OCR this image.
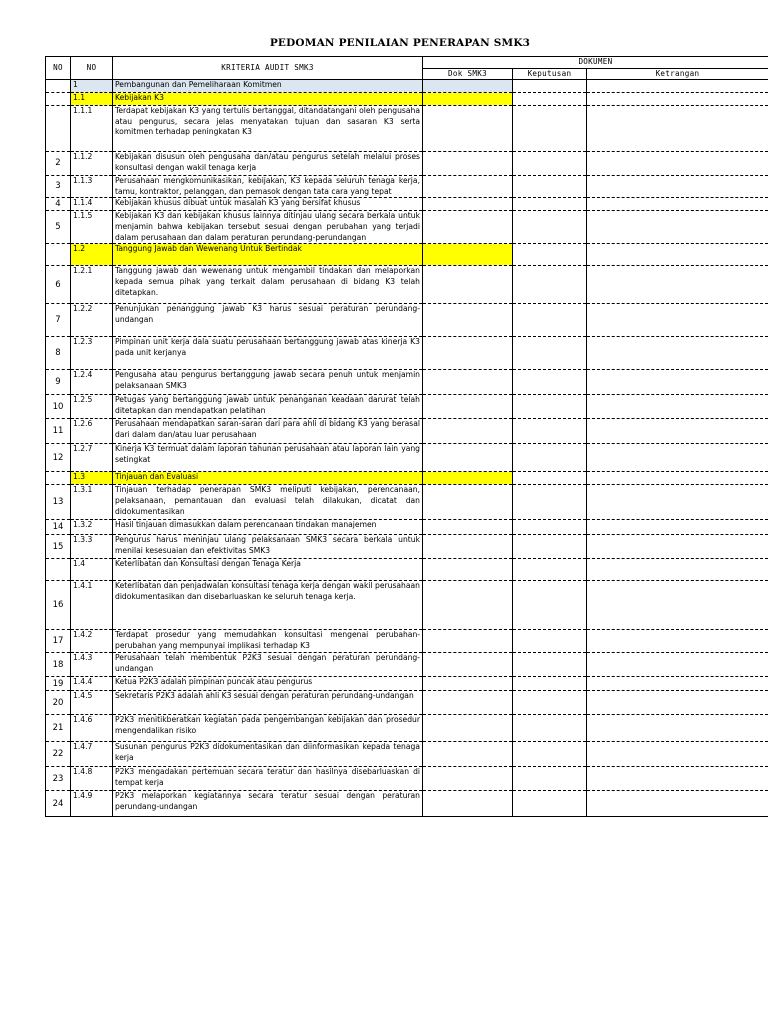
PEDOMAN PENILAIAN PENERAPAN SMK3
NO	NO	KRITERIA AUDIT SMK3	DOKUMEN		
			Dok SMK3	Keputusan	Ketrangan
	1	Pembangunan dan Pemeliharaan Komitmen			
	1.1	Kebijakan K3			
	1.1.1	Terdapat kebijakan K3 yang tertulis bertanggal, ditandatangani oleh pengusaha atau pengurus, secara jelas menyatakan tujuan dan sasaran K3 serta komitmen terhadap peningkatan K3			
2	1.1.2	Kebijakan disusun oleh pengusaha dan/atau pengurus setelah melalui proses konsultasi dengan wakil tenaga kerja			
3	1.1.3	Perusahaan mengkomunikasikan, kebijakan, K3 kepada seluruh tenaga kerja, tamu, kontraktor, pelanggan, dan pemasok dengan tata cara yang tepat			
4	1.1.4	Kebijakan khusus dibuat untuk masalah K3 yang bersifat khusus			
5	1.1.5	Kebijakan K3 dan kebijakan khusus lainnya ditinjau ulang secara berkala untuk menjamin bahwa kebijakan tersebut sesuai dengan perubahan yang terjadi dalam perusahaan dan dalam peraturan perundang-perundangan			
	1.2	Tanggung Jawab dan Wewenang Untuk Bertindak			
6	1.2.1	Tanggung jawab dan wewenang untuk mengambil tindakan dan melaporkan kepada semua pihak yang terkait dalam perusahaan di bidang K3 telah ditetapkan.			
7	1.2.2	Penunjukan penanggung jawab K3 harus sesuai peraturan perundang-undangan			
8	1.2.3	Pimpinan unit kerja dala suatu perusahaan bertanggung jawab atas kinerja K3 pada unit kerjanya			
9	1.2.4	Pengusaha atau pengurus bertanggung jawab secara penuh untuk menjamin pelaksanaan SMK3			
10	1.2.5	Petugas yang bertanggung jawab untuk penanganan keadaan darurat telah ditetapkan dan mendapatkan pelatihan			
11	1.2.6	Perusahaan mendapatkan saran-saran dari para ahli di bidang K3 yang berasal dari dalam dan/atau luar perusahaan			
12	1.2.7	Kinerja K3 termuat dalam laporan tahunan perusahaan atau laporan lain yang setingkat			
	1.3	Tinjauan dan Evaluasi			
13	1.3.1	Tinjauan terhadap penerapan SMK3 meliputi kebijakan, perencanaan, pelaksanaan, pemantauan dan evaluasi telah dilakukan, dicatat dan didokumentasikan			
14	1.3.2	Hasil tinjauan dimasukkan dalam perencanaan tindakan manajemen			
15	1.3.3	Pengurus harus meninjau ulang pelaksanaan SMK3 secara berkala untuk menilai kesesuaian dan efektivitas SMK3			
	1.4	Keterlibatan dan Konsultasi dengan Tenaga Kerja			
16	1.4.1	Keterlibatan dan penjadwalan konsultasi tenaga kerja dengan wakil perusahaan didokumentasikan dan disebarluaskan ke seluruh tenaga kerja.			
17	1.4.2	Terdapat prosedur yang memudahkan konsultasi mengenai perubahan-perubahan yang mempunyai implikasi terhadap K3			
18	1.4.3	Perusahaan telah membentuk P2K3 sesuai dengan peraturan perundang-undangan			
19	1.4.4	Ketua P2K3 adalah pimpinan puncak atau pengurus			
20	1.4.5	Sekretaris P2K3 adalah ahli K3 sesuai dengan peraturan perundang-undangan			
21	1.4.6	P2K3 menitikberatkan kegiatan pada pengembangan kebijakan dan prosedur mengendalikan risiko			
22	1.4.7	Susunan pengurus P2K3 didokumentasikan dan diinformasikan kepada tenaga kerja			
23	1.4.8	P2K3 mengadakan pertemuan secara teratur dan hasilnya disebarluaskan di tempat kerja			
24	1.4.9	P2K3 melaporkan kegiatannya secara teratur sesuai dengan peraturan perundang-undangan			
